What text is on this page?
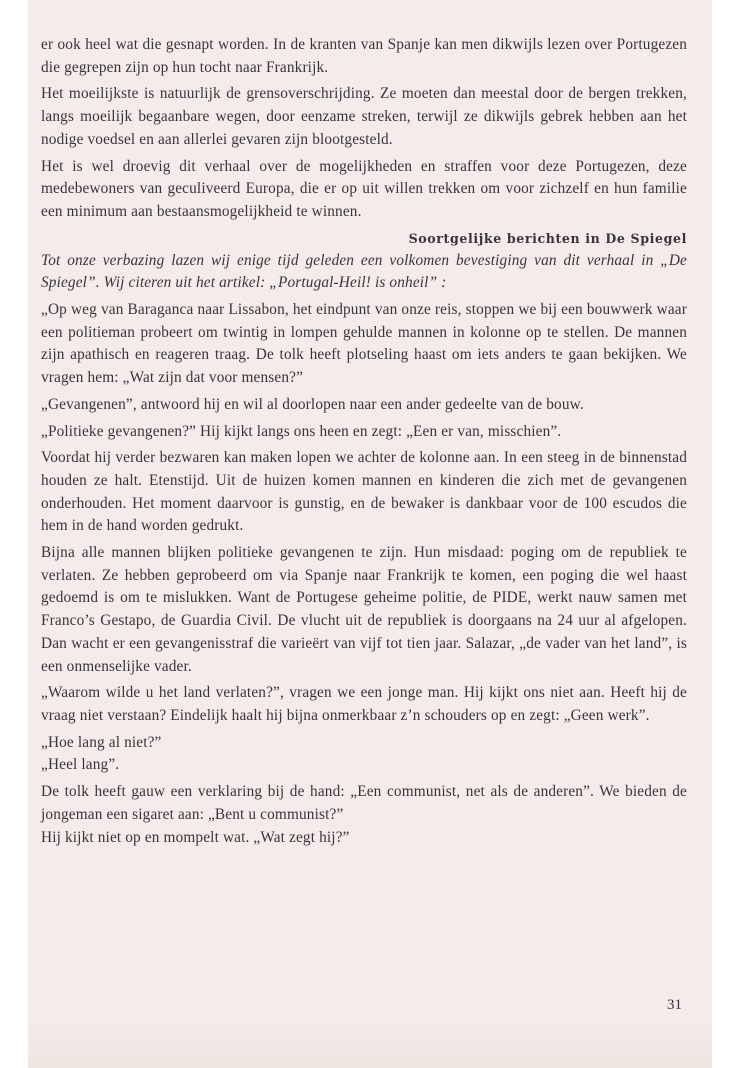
er ook heel wat die gesnapt worden. In de kranten van Spanje kan men dikwijls lezen over Portugezen die gegrepen zijn op hun tocht naar Frankrijk.

Het moeilijkste is natuurlijk de grensoverschrijding. Ze moeten dan meestal door de bergen trekken, langs moeilijk begaanbare wegen, door eenzame streken, terwijl ze dikwijls gebrek hebben aan het nodige voedsel en aan allerlei gevaren zijn blootgesteld.

Het is wel droevig dit verhaal over de mogelijkheden en straffen voor deze Portugezen, deze medebewoners van geculiveerd Europa, die er op uit willen trekken om voor zichzelf en hun familie een minimum aan bestaansmogelijkheid te winnen.

Soortgelijke berichten in De Spiegel

Tot onze verbazing lazen wij enige tijd geleden een volkomen bevestiging van dit verhaal in „De Spiegel”. Wij citeren uit het artikel: „Portugal-Heil! is onheil” :

„Op weg van Baraganca naar Lissabon, het eindpunt van onze reis, stoppen we bij een bouwwerk waar een politieman probeert om twintig in lompen gehulde mannen in kolonne op te stellen. De mannen zijn apathisch en reageren traag. De tolk heeft plotseling haast om iets anders te gaan bekijken. We vragen hem: „Wat zijn dat voor mensen?”

„Gevangenen”, antwoord hij en wil al doorlopen naar een ander gedeelte van de bouw.

„Politieke gevangenen?” Hij kijkt langs ons heen en zegt: „Een er van, misschien”.

Voordat hij verder bezwaren kan maken lopen we achter de kolonne aan. In een steeg in de binnenstad houden ze halt. Etenstijd. Uit de huizen komen mannen en kinderen die zich met de gevangenen onderhouden. Het moment daarvoor is gunstig, en de bewaker is dankbaar voor de 100 escudos die hem in de hand worden gedrukt.

Bijna alle mannen blijken politieke gevangenen te zijn. Hun misdaad: poging om de republiek te verlaten. Ze hebben geprobeerd om via Spanje naar Frankrijk te komen, een poging die wel haast gedoemd is om te mislukken. Want de Portugese geheime politie, de PIDE, werkt nauw samen met Franco’s Gestapo, de Guardia Civil. De vlucht uit de republiek is doorgaans na 24 uur al afgelopen. Dan wacht er een gevangenisstraf die varieërt van vijf tot tien jaar. Salazar, „de vader van het land”, is een onmenselijke vader.

„Waarom wilde u het land verlaten?”, vragen we een jonge man. Hij kijkt ons niet aan. Heeft hij de vraag niet verstaan? Eindelijk haalt hij bijna onmerkbaar z’n schouders op en zegt: „Geen werk”.

„Hoe lang al niet?”

„Heel lang”.

De tolk heeft gauw een verklaring bij de hand: „Een communist, net als de anderen”. We bieden de jongeman een sigaret aan: „Bent u communist?”

Hij kijkt niet op en mompelt wat. „Wat zegt hij?”

31
